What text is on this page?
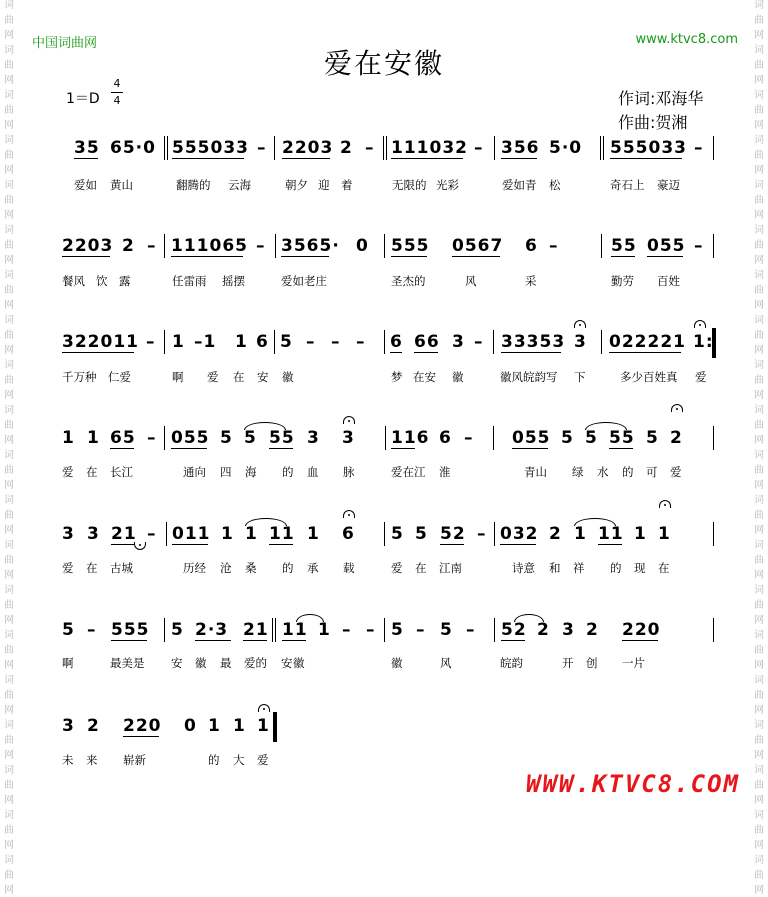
词
曲
网
词
曲
网
词
曲
网
词
曲
网
词
曲
网
词
曲
网
词
曲
网
词
曲
网
词
曲
网
词
曲
网
词
曲
网
词
曲
网
词
曲
网
词
曲
网
词
曲
网
词
曲
网
词
曲
网
词
曲
网
词
曲
网
词
曲
网
词
曲
网
词
曲
网
词
曲
网
词
曲
网
词
曲
网
词
曲
网
词
曲
网
词
曲
网
词
曲
网
词
曲
网
词
曲
网
词
曲
网
词
曲
网
词
曲
网
词
曲
网
词
曲
网
词
曲
网
词
曲
网
词
曲
网
词
曲
网
中国词曲网	www.ktvc8.com
爱在安徽
1＝D
4
4	作词:邓海华
作曲:贺湘
35 65·0 555033 – 2203 2 – 111032 – 356 5·0 555033 –
爱如 黄山	翻腾的 云海	朝夕 迎 着	无限的 光彩	爱如青 松	奇石上 豪迈
2203 2 – 111065 – 3565· 0 555 0567 6 –	55 055 –
餐风 饮 露	任雷雨 摇摆	爱如老庄	圣杰的	风	采	勤劳 百姓
322011 – 1 –1 1 6 5 – – – 6 66 3 – 33353 3 022221 1:
千万种 仁爱	啊 爱 在 安 徽	梦 在安 徽	徽风皖韵写 下	多少百姓真 爱
1 1 65 – 055 5 5 55 3 3 116 6 – 055 5 5 55 5 2
爱 在 长江	通向 四 海 的 血 脉	爱在江 淮	青山 绿 水 的 可 爱
3 3 21 – 011 1 1 11 1 6 5 5 52 – 032 2 1 11 1 1
爱 在 古城	历经 沧 桑 的 承 载	爱 在 江南	诗意 和 祥 的 现 在
5 – 555 5 2·3 21 11 1 – – 5 – 5 – 52 2 3 2 220
啊	最美是 安 徽 最 爱的 安 徽	徽	风	皖韵	开 创 一片
3 2 220 0 1 1 1
未 来 崭新	的 大 爱
WWW.KTVC8.COM
